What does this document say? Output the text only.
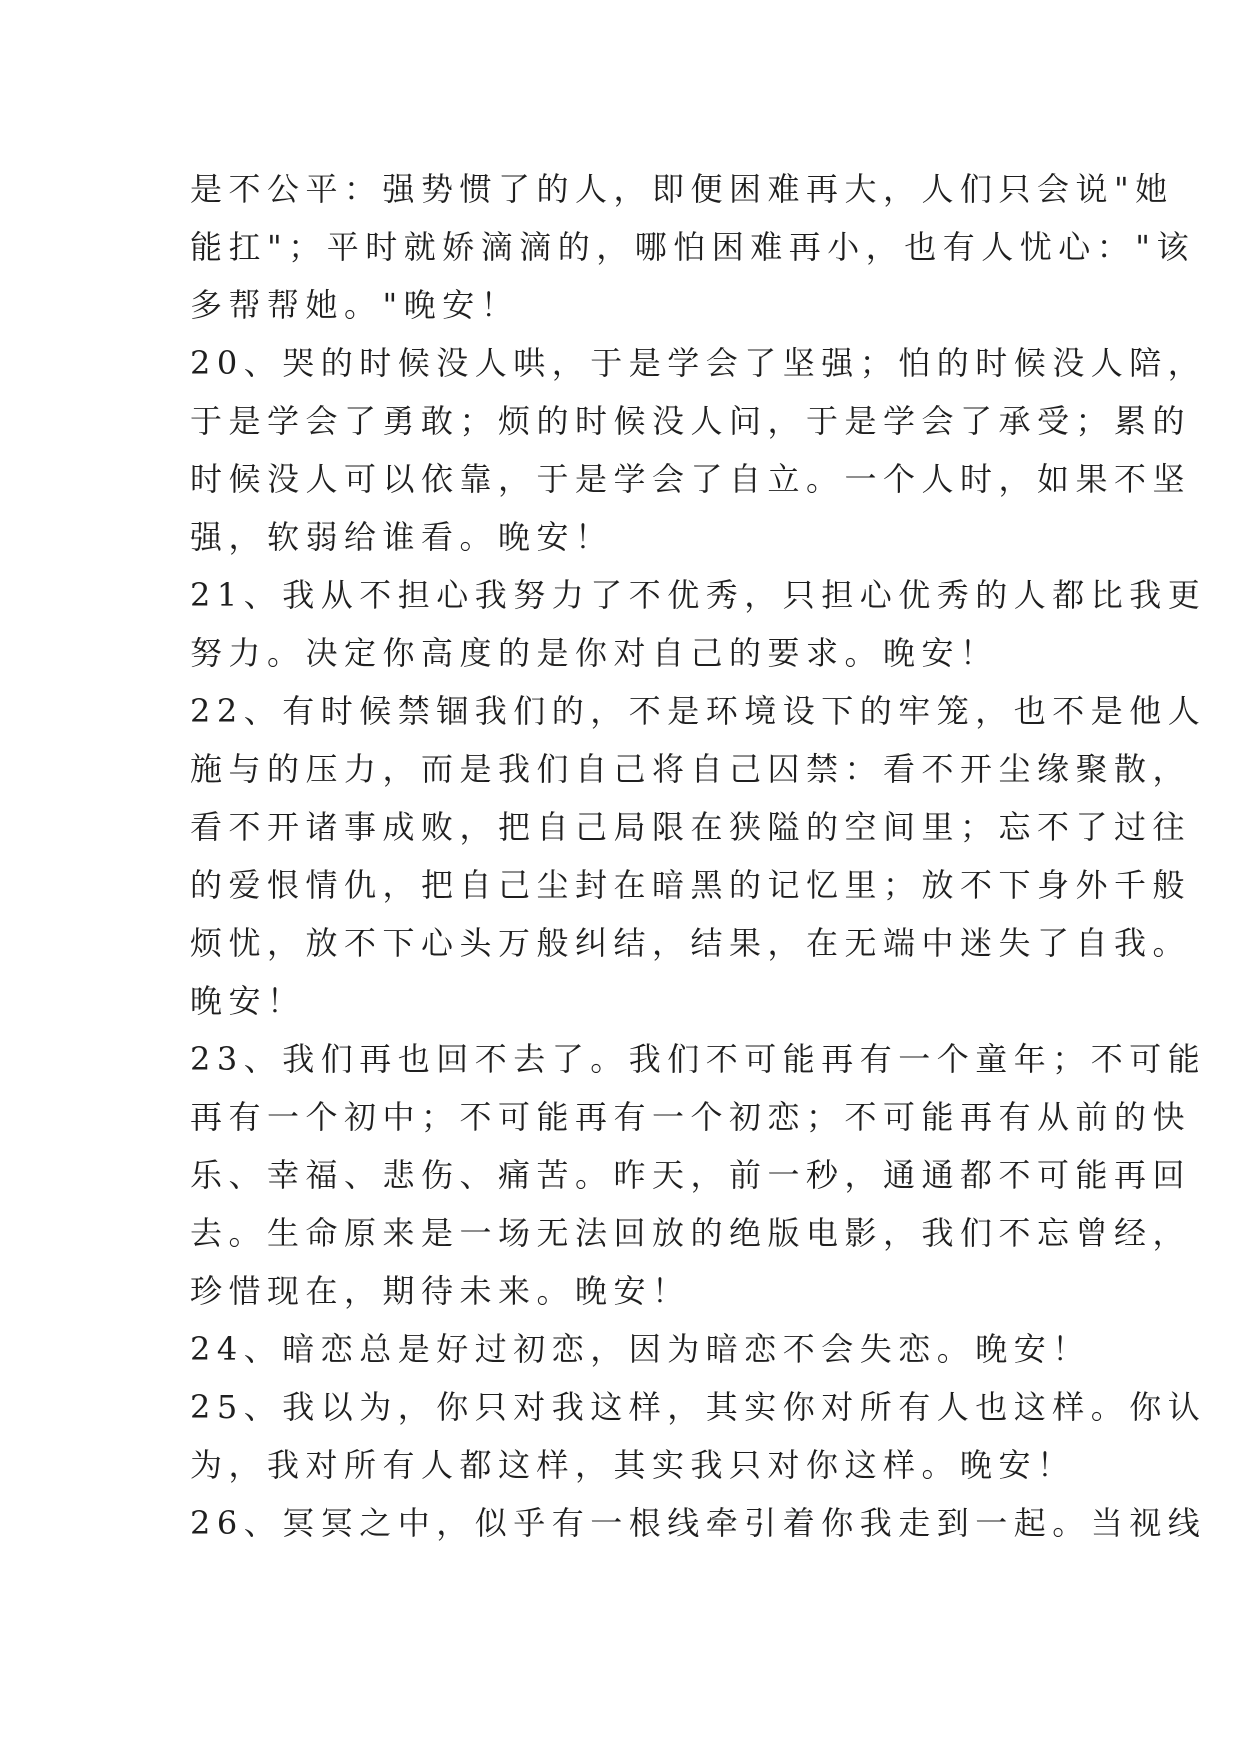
是不公平：强势惯了的人，即便困难再大，人们只会说"她
能扛"；平时就娇滴滴的，哪怕困难再小，也有人忧心："该
多帮帮她。"晚安！
20、哭的时候没人哄，于是学会了坚强；怕的时候没人陪，
于是学会了勇敢；烦的时候没人问，于是学会了承受；累的
时候没人可以依靠，于是学会了自立。一个人时，如果不坚
强，软弱给谁看。晚安！
21、我从不担心我努力了不优秀，只担心优秀的人都比我更
努力。决定你高度的是你对自己的要求。晚安！
22、有时候禁锢我们的，不是环境设下的牢笼，也不是他人
施与的压力，而是我们自己将自己囚禁：看不开尘缘聚散，
看不开诸事成败，把自己局限在狭隘的空间里；忘不了过往
的爱恨情仇，把自己尘封在暗黑的记忆里；放不下身外千般
烦忧，放不下心头万般纠结，结果，在无端中迷失了自我。
晚安！
23、我们再也回不去了。我们不可能再有一个童年；不可能
再有一个初中；不可能再有一个初恋；不可能再有从前的快
乐、幸福、悲伤、痛苦。昨天，前一秒，通通都不可能再回
去。生命原来是一场无法回放的绝版电影，我们不忘曾经，
珍惜现在，期待未来。晚安！
24、暗恋总是好过初恋，因为暗恋不会失恋。晚安！
25、我以为，你只对我这样，其实你对所有人也这样。你认
为，我对所有人都这样，其实我只对你这样。晚安！
26、冥冥之中，似乎有一根线牵引着你我走到一起。当视线
